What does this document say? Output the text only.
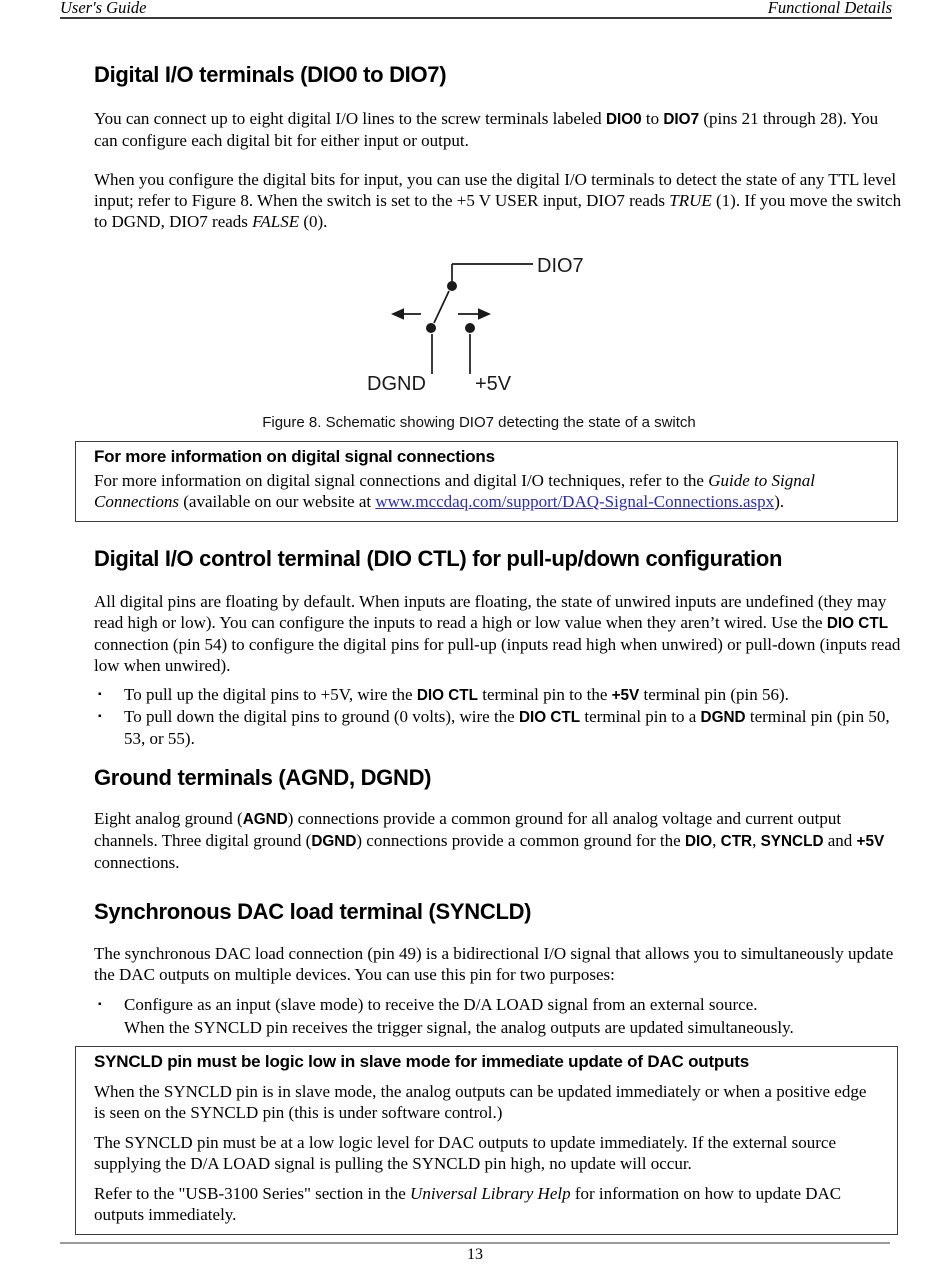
User's Guide	Functional Details
Digital I/O terminals (DIO0 to DIO7)

You can connect up to eight digital I/O lines to the screw terminals labeled DIO0 to DIO7 (pins 21 through 28). You can configure each digital bit for either input or output.

When you configure the digital bits for input, you can use the digital I/O terminals to detect the state of any TTL level input; refer to Figure 8. When the switch is set to the +5 V USER input, DIO7 reads TRUE (1). If you move the switch to DGND, DIO7 reads FALSE (0).

DIO7
DGND +5V
Figure 8. Schematic showing DIO7 detecting the state of a switch
For more information on digital signal connections

For more information on digital signal connections and digital I/O techniques, refer to the Guide to Signal Connections (available on our website at www.mccdaq.com/support/DAQ-Signal-Connections.aspx).

Digital I/O control terminal (DIO CTL) for pull-up/down configuration

All digital pins are floating by default. When inputs are floating, the state of unwired inputs are undefined (they may read high or low). You can configure the inputs to read a high or low value when they aren’t wired. Use the DIO CTL connection (pin 54) to configure the digital pins for pull-up (inputs read high when unwired) or pull-down (inputs read low when unwired).

▪	To pull up the digital pins to +5V, wire the DIO CTL terminal pin to the +5V terminal pin (pin 56).
▪	To pull down the digital pins to ground (0 volts), wire the DIO CTL terminal pin to a DGND terminal pin (pin 50, 53, or 55).
Ground terminals (AGND, DGND)

Eight analog ground (AGND) connections provide a common ground for all analog voltage and current output channels. Three digital ground (DGND) connections provide a common ground for the DIO, CTR, SYNCLD and +5V connections.

Synchronous DAC load terminal (SYNCLD)

The synchronous DAC load connection (pin 49) is a bidirectional I/O signal that allows you to simultaneously update the DAC outputs on multiple devices. You can use this pin for two purposes:

▪	Configure as an input (slave mode) to receive the D/A LOAD signal from an external source.
When the SYNCLD pin receives the trigger signal, the analog outputs are updated simultaneously.
SYNCLD pin must be logic low in slave mode for immediate update of DAC outputs

When the SYNCLD pin is in slave mode, the analog outputs can be updated immediately or when a positive edge is seen on the SYNCLD pin (this is under software control.)

The SYNCLD pin must be at a low logic level for DAC outputs to update immediately. If the external source supplying the D/A LOAD signal is pulling the SYNCLD pin high, no update will occur.

Refer to the "USB-3100 Series" section in the Universal Library Help for information on how to update DAC outputs immediately.

13
